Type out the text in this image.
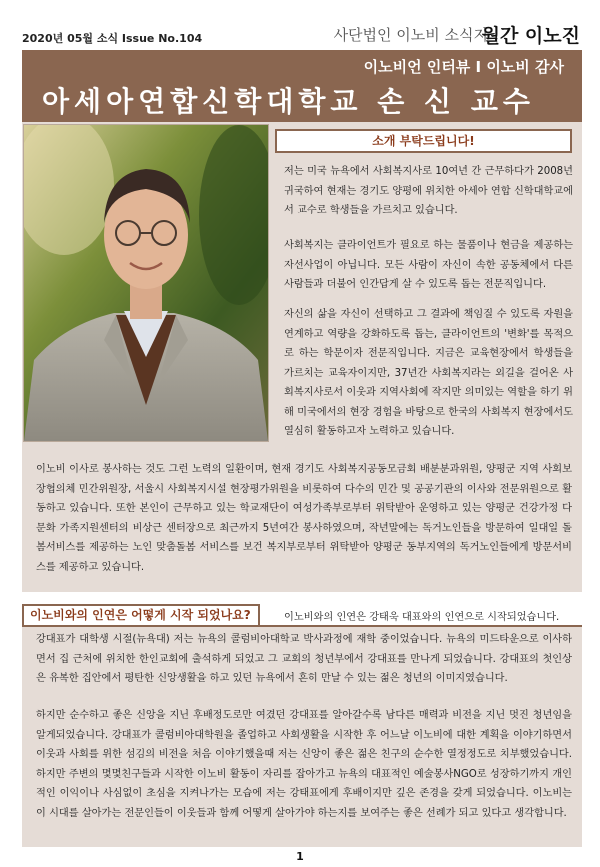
2020년 05월 소식 Issue No.104	사단법인 이노비 소식지
월간 이노진
이노비언 인터뷰 I 이노비 감사
아세아연합신학대학교 손 신 교수
소개 부탁드립니다!

저는 미국 뉴욕에서 사회복지사로 10여년 간 근무하다가 2008년 귀국하여 현재는 경기도 양평에 위치한 아세아 연합 신학대학교에서 교수로 학생들을 가르치고 있습니다.

사회복지는 클라이언트가 필요로 하는 물품이나 현금을 제공하는 자선사업이 아닙니다. 모든 사람이 자신이 속한 공동체에서 다른 사람들과 더불어 인간답게 살 수 있도록 돕는 전문직입니다.

자신의 삶을 자신이 선택하고 그 결과에 책임질 수 있도록 자원을 연계하고 역량을 강화하도록 돕는, 클라이언트의 '변화'를 목적으로 하는 학문이자 전문직입니다. 지금은 교육현장에서 학생들을 가르치는 교육자이지만, 37년간 사회복지라는 외길을 걸어온 사회복지사로서 이웃과 지역사회에 작지만 의미있는 역할을 하기 위해 미국에서의 현장 경험을 바탕으로 한국의 사회복지 현장에서도 열심히 활동하고자 노력하고 있습니다.

이노비 이사로 봉사하는 것도 그런 노력의 일환이며, 현재 경기도 사회복지공동모금회 배분분과위원, 양평군 지역 사회보장협의체 민간위원장, 서울시 사회복지시설 현장평가위원을 비롯하여 다수의 민간 및 공공기관의 이사와 전문위원으로 활동하고 있습니다. 또한 본인이 근무하고 있는 학교재단이 여성가족부로부터 위탁받아 운영하고 있는 양평군 건강가정 다문화 가족지원센터의 비상근 센터장으로 최근까지 5년여간 봉사하였으며, 작년말에는 독거노인들을 방문하여 일대일 돌봄서비스를 제공하는 노인 맞춤돌봄 서비스를 보건 복지부로부터 위탁받아 양평군 동부지역의 독거노인들에게 방문서비스를 제공하고 있습니다.

이노비와의 인연은 어떻게 시작 되었나요?	이노비와의 인연은 강태욱 대표와의 인연으로 시작되었습니다.

강대표가 대학생 시절(뉴욕대) 저는 뉴욕의 콜럼비아대학교 박사과정에 재학 중이었습니다. 뉴욕의 미드타운으로 이사하면서 집 근처에 위치한 한인교회에 출석하게 되었고 그 교회의 청년부에서 강대표를 만나게 되었습니다. 강대표의 첫인상은 유복한 집안에서 평탄한 신앙생활을 하고 있던 뉴욕에서 흔히 만날 수 있는 젊은 청년의 이미지였습니다.

하지만 순수하고 좋은 신앙을 지닌 후배정도로만 여겼던 강대표를 알아갈수록 남다른 매력과 비전을 지닌 멋진 청년임을 알게되었습니다. 강대표가 콜럼비아대학원을 졸업하고 사회생활을 시작한 후 어느날 이노비에 대한 계획을 이야기하면서 이웃과 사회를 위한 섬김의 비전을 처음 이야기했을때 저는 신앙이 좋은 젊은 친구의 순수한 열정정도로 치부했었습니다. 하지만 주변의 몇몇친구들과 시작한 이노비 활동이 자리를 잡아가고 뉴욕의 대표적인 예술봉사NGO로 성장하기까지 개인적인 이익이나 사심없이 초심을 지켜나가는 모습에 저는 강태표에게 후배이지만 깊은 존경을 갖게 되었습니다. 이노비는 이 시대를 살아가는 전문인들이 이웃들과 함께 어떻게 살아가야 하는지를 보여주는 좋은 선례가 되고 있다고 생각합니다.

1
